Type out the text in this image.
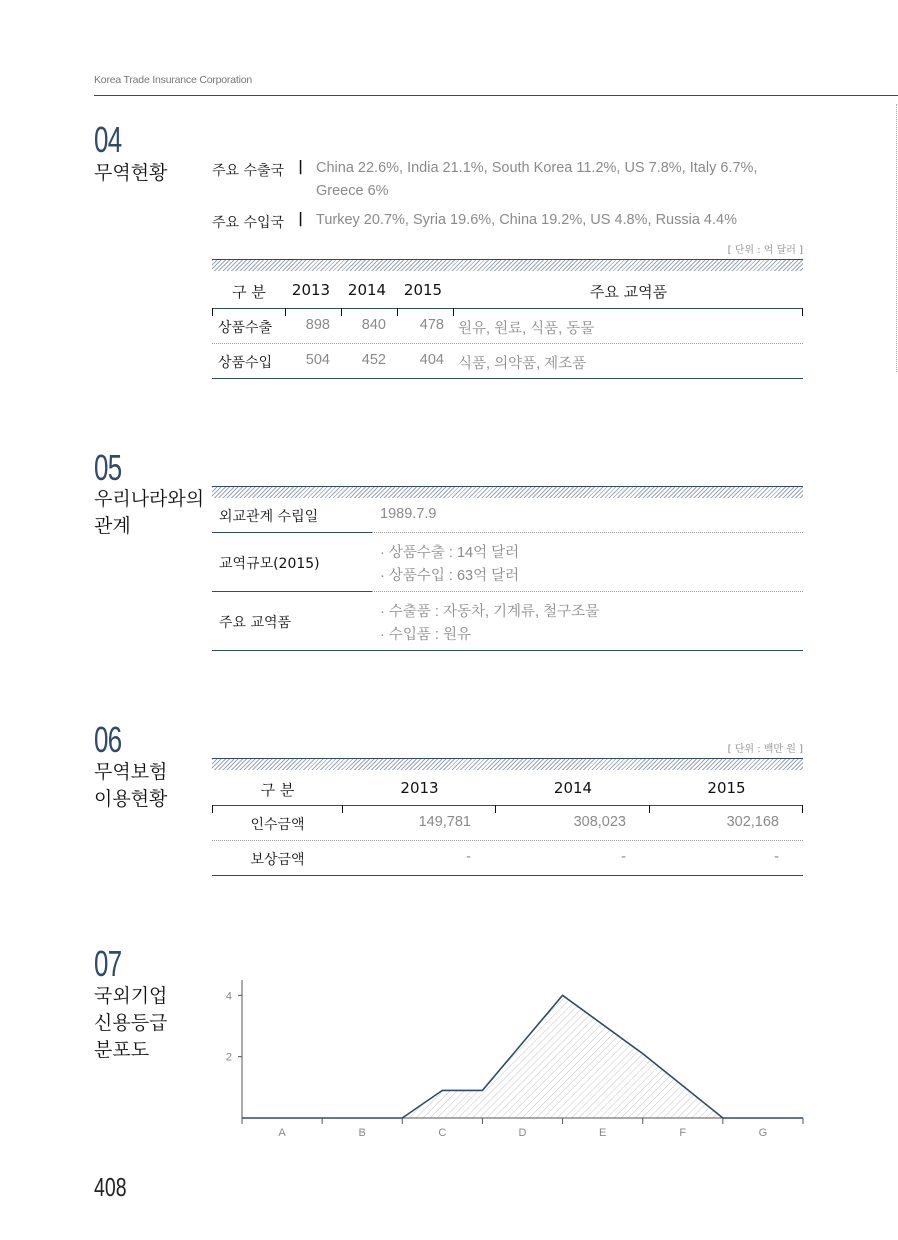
Korea Trade Insurance Corporation
04
무역현황	주요 수출국 | China 22.6%, India 21.1%, South Korea 11.2%, US 7.8%, Italy 6.7%,
Greece 6%
주요 수입국 | Turkey 20.7%, Syria 19.6%, China 19.2%, US 4.8%, Russia 4.4%
[ 단위 : 억 달러 ]
구 분	2013	2014	2015	주요 교역품
상품수출	898	840	478 원유, 원료, 식품, 동물
상품수입	504	452	404 식품, 의약품, 제조품
05
우리나라와의
관계	외교관계 수립일	1989.7.9
교역규모(2015)
· 상품수출 : 14억 달러
· 상품수입 : 63억 달러
주요 교역품
· 수출품 : 자동차, 기계류, 철구조물
· 수입품 : 원유
06
무역보험
이용현황
[ 단위 : 백만 원 ]
구 분	2013	2014	2015
인수금액	149,781	308,023	302,168
보상금액	-	-	-
07
국외기업
신용등급
분포도	2
4
A	B	C	D	E	F	G
408
